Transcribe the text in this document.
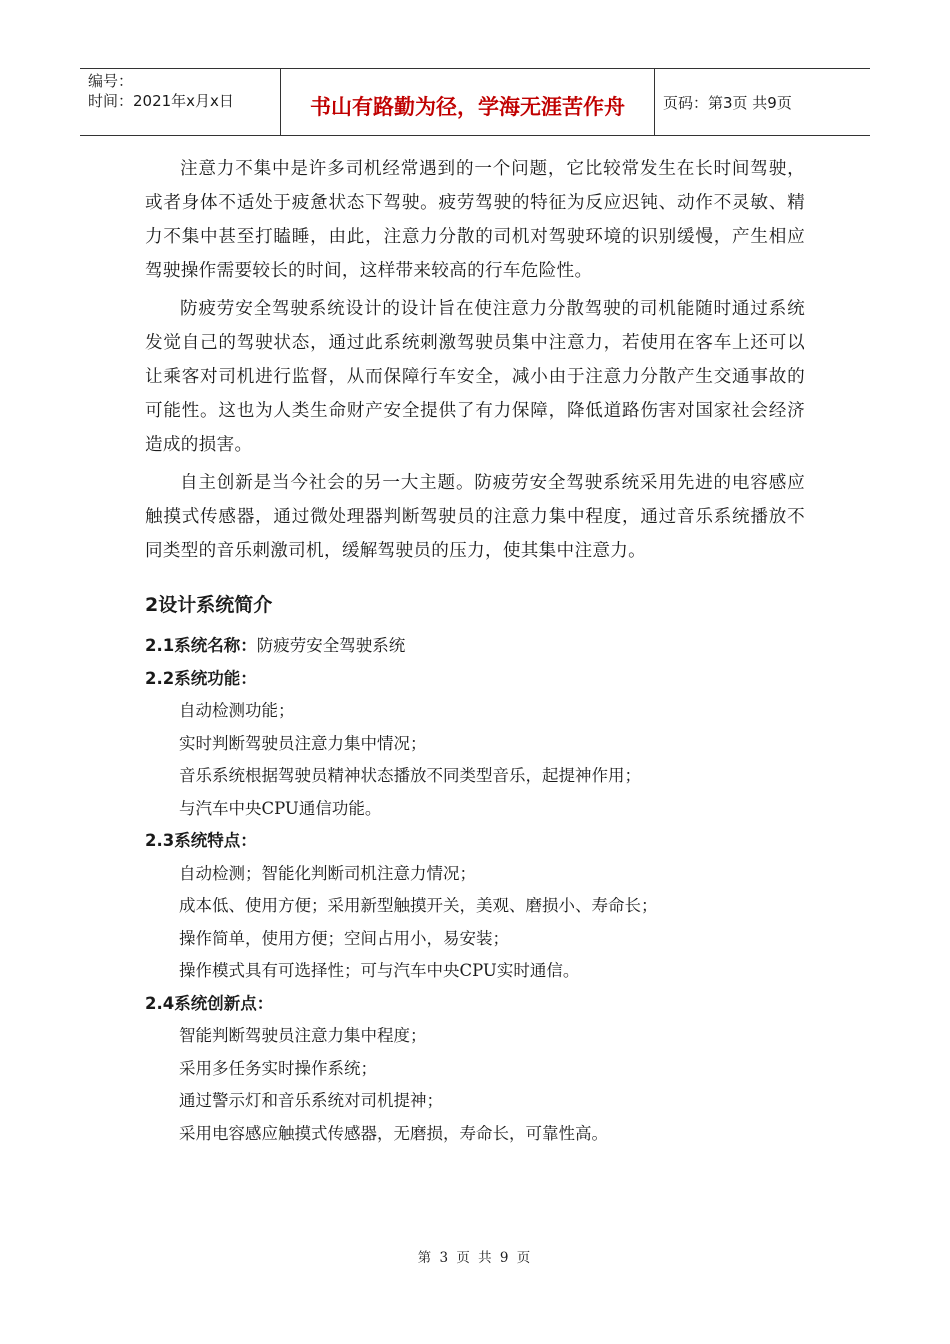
编号：
时间：2021年x月x日	书山有路勤为径，学海无涯苦作舟	页码：第3页 共9页

注意力不集中是许多司机经常遇到的一个问题，它比较常发生在长时间驾驶，或者身体不适处于疲惫状态下驾驶。疲劳驾驶的特征为反应迟钝、动作不灵敏、精力不集中甚至打瞌睡，由此，注意力分散的司机对驾驶环境的识别缓慢，产生相应驾驶操作需要较长的时间，这样带来较高的行车危险性。

防疲劳安全驾驶系统设计的设计旨在使注意力分散驾驶的司机能随时通过系统发觉自己的驾驶状态，通过此系统刺激驾驶员集中注意力，若使用在客车上还可以让乘客对司机进行监督，从而保障行车安全，减小由于注意力分散产生交通事故的可能性。这也为人类生命财产安全提供了有力保障，降低道路伤害对国家社会经济造成的损害。

自主创新是当今社会的另一大主题。防疲劳安全驾驶系统采用先进的电容感应触摸式传感器，通过微处理器判断驾驶员的注意力集中程度，通过音乐系统播放不同类型的音乐刺激司机，缓解驾驶员的压力，使其集中注意力。

2设计系统简介
2.1系统名称：防疲劳安全驾驶系统
2.2系统功能：
自动检测功能；
实时判断驾驶员注意力集中情况；
音乐系统根据驾驶员精神状态播放不同类型音乐，起提神作用；
与汽车中央CPU通信功能。
2.3系统特点：
自动检测；智能化判断司机注意力情况；
成本低、使用方便；采用新型触摸开关，美观、磨损小、寿命长；
操作简单，使用方便；空间占用小，易安装；
操作模式具有可选择性；可与汽车中央CPU实时通信。
2.4系统创新点：
智能判断驾驶员注意力集中程度；
采用多任务实时操作系统；
通过警示灯和音乐系统对司机提神；
采用电容感应触摸式传感器，无磨损，寿命长，可靠性高。
第 3 页 共 9 页
